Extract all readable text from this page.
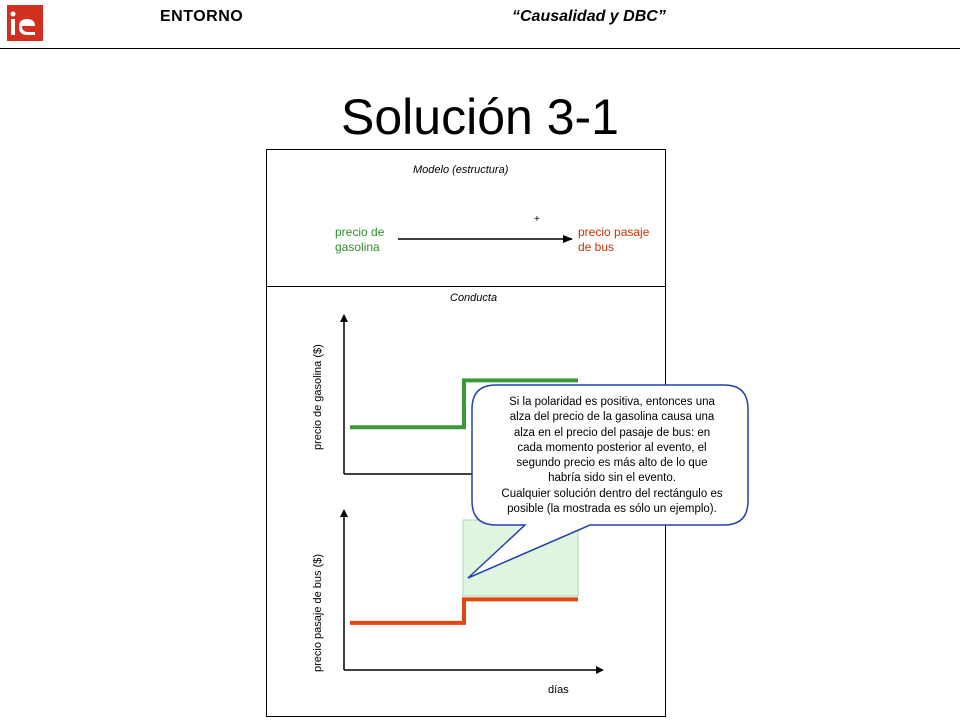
ENTORNO	“Causalidad y DBC”
Solución 3-1
Modelo (estructura)
precio de
gasolina
precio pasaje
de bus
+
Conducta
precio de gasolina ($)
precio pasaje de bus ($)
días
Si la polaridad es positiva, entonces una
alza del precio de la gasolina causa una
alza en el precio del pasaje de bus: en
cada momento posterior al evento, el
segundo precio es más alto de lo que
habría sido sin el evento.
Cualquier solución dentro del rectángulo es
posible (la mostrada es sólo un ejemplo).
